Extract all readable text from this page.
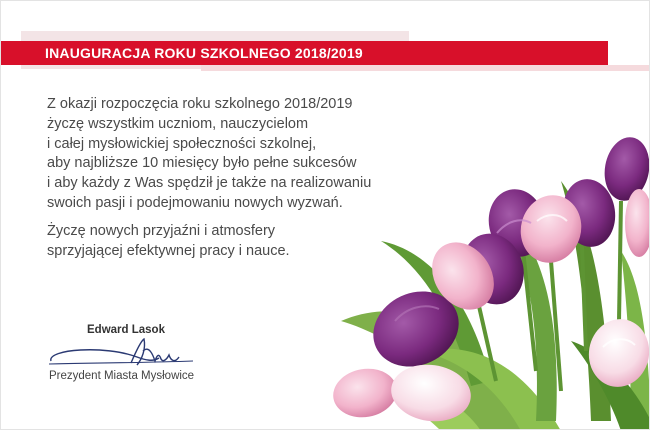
INAUGURACJA ROKU SZKOLNEGO 2018/2019

Z okazji rozpoczęcia roku szkolnego 2018/2019
życzę wszystkim uczniom, nauczycielom
i całej mysłowickiej społeczności szkolnej,
aby najbliższe 10 miesięcy było pełne sukcesów
i aby każdy z Was spędził je także na realizowaniu
swoich pasji i podejmowaniu nowych wyzwań.

Życzę nowych przyjaźni i atmosfery
sprzyjającej efektywnej pracy i nauce.

Edward Lasok
Prezydent Miasta Mysłowice
